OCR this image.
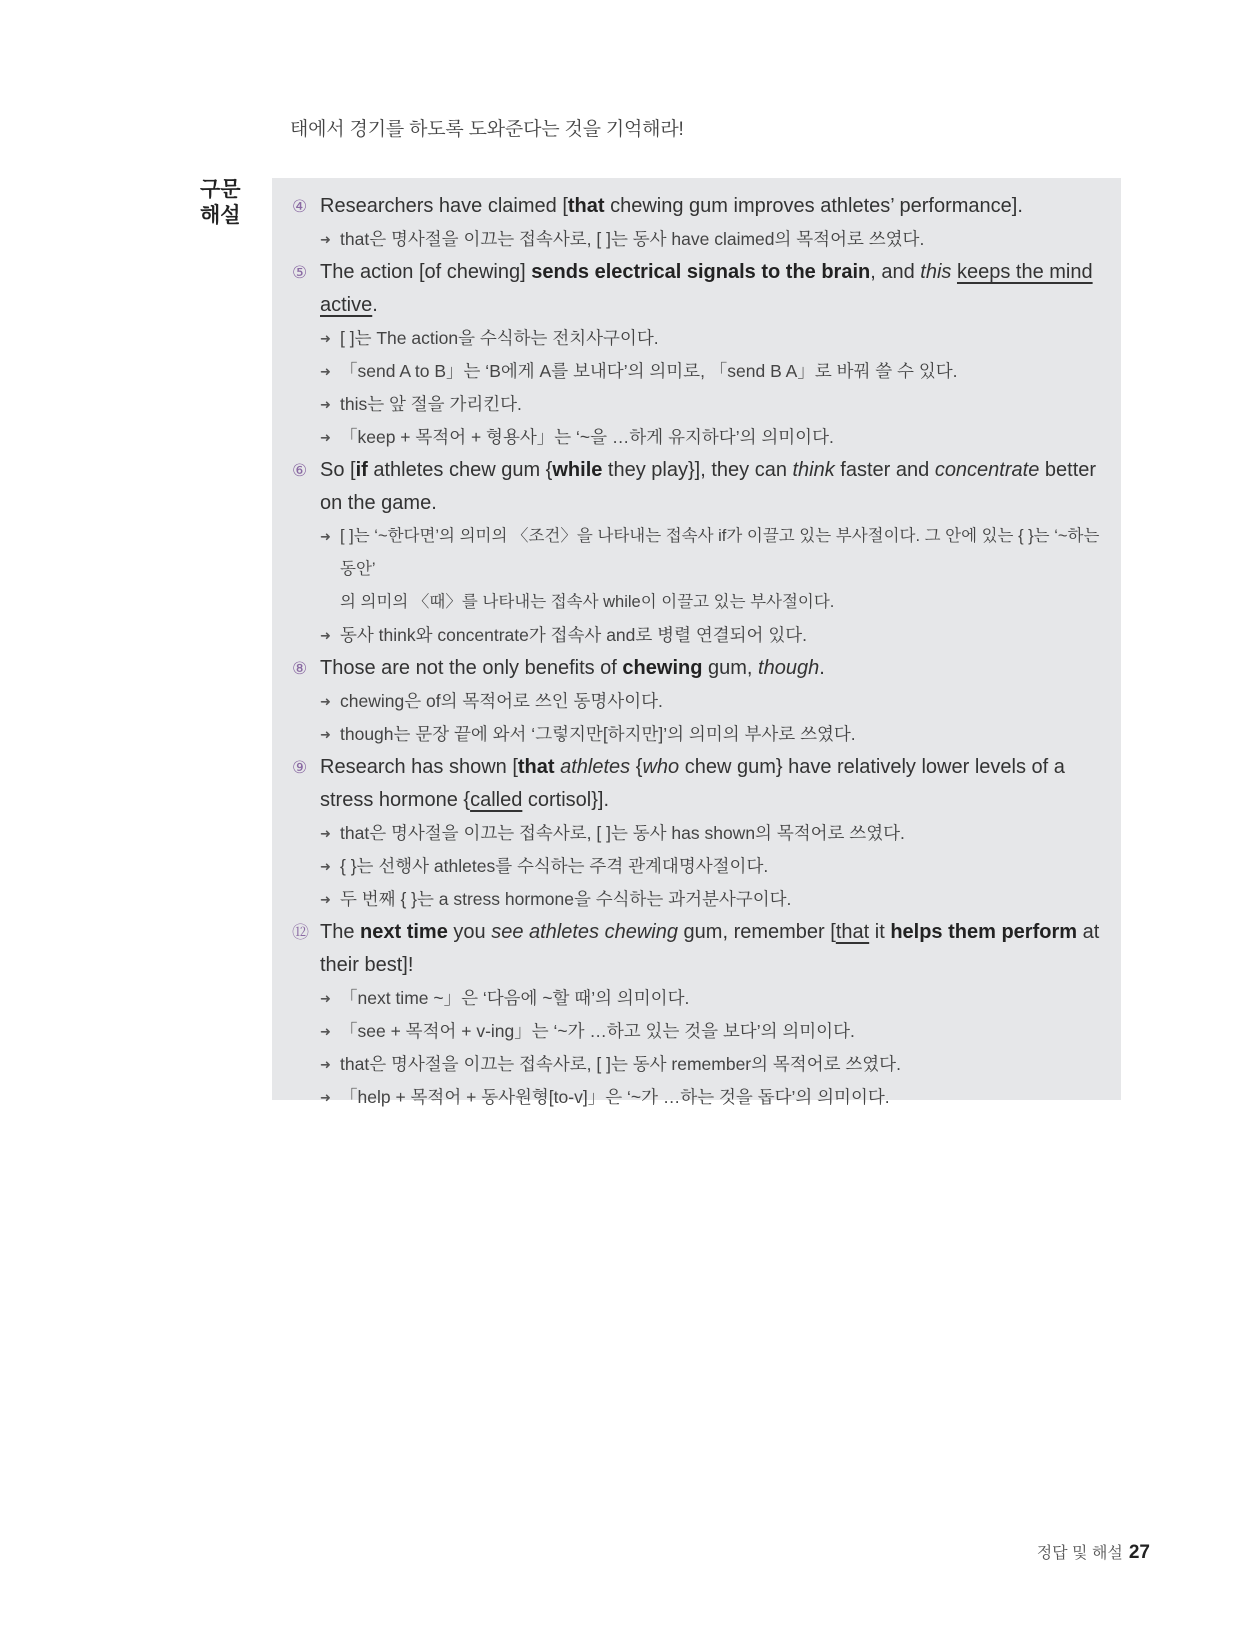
태에서 경기를 하도록 도와준다는 것을 기억해라!
구문
해설	④ Researchers have claimed [that chewing gum improves athletes’ performance].
➜ that은 명사절을 이끄는 접속사로, [ ]는 동사 have claimed의 목적어로 쓰였다.
⑤ The action [of chewing] sends electrical signals to the brain, and this keeps the mind active.
➜ [ ]는 The action을 수식하는 전치사구이다.
➜ 「send A to B」는 ‘B에게 A를 보내다’의 의미로, 「send B A」로 바꿔 쓸 수 있다.
➜ this는 앞 절을 가리킨다.
➜ 「keep + 목적어 + 형용사」는 ‘~을 …하게 유지하다’의 의미이다.
⑥ So [if athletes chew gum {while they play}], they can think faster and concentrate better on the game.
➜ [ ]는 ‘~한다면’의 의미의 〈조건〉을 나타내는 접속사 if가 이끌고 있는 부사절이다. 그 안에 있는 { }는 ‘~하는 동안’
의 의미의 〈때〉를 나타내는 접속사 while이 이끌고 있는 부사절이다.
➜ 동사 think와 concentrate가 접속사 and로 병렬 연결되어 있다.
⑧ Those are not the only benefits of chewing gum, though.
➜ chewing은 of의 목적어로 쓰인 동명사이다.
➜ though는 문장 끝에 와서 ‘그렇지만[하지만]’의 의미의 부사로 쓰였다.
⑨ Research has shown [that athletes {who chew gum} have relatively lower levels of a stress hormone {called cortisol}].
➜ that은 명사절을 이끄는 접속사로, [ ]는 동사 has shown의 목적어로 쓰였다.
➜ { }는 선행사 athletes를 수식하는 주격 관계대명사절이다.
➜ 두 번째 { }는 a stress hormone을 수식하는 과거분사구이다.
⑫ The next time you see athletes chewing gum, remember [that it helps them perform at their best]!
➜ 「next time ~」은 ‘다음에 ~할 때’의 의미이다.
➜ 「see + 목적어 + v-ing」는 ‘~가 …하고 있는 것을 보다’의 의미이다.
➜ that은 명사절을 이끄는 접속사로, [ ]는 동사 remember의 목적어로 쓰였다.
➜ 「help + 목적어 + 동사원형[to-v]」은 ‘~가 …하는 것을 돕다’의 의미이다.
정답 및 해설 27
